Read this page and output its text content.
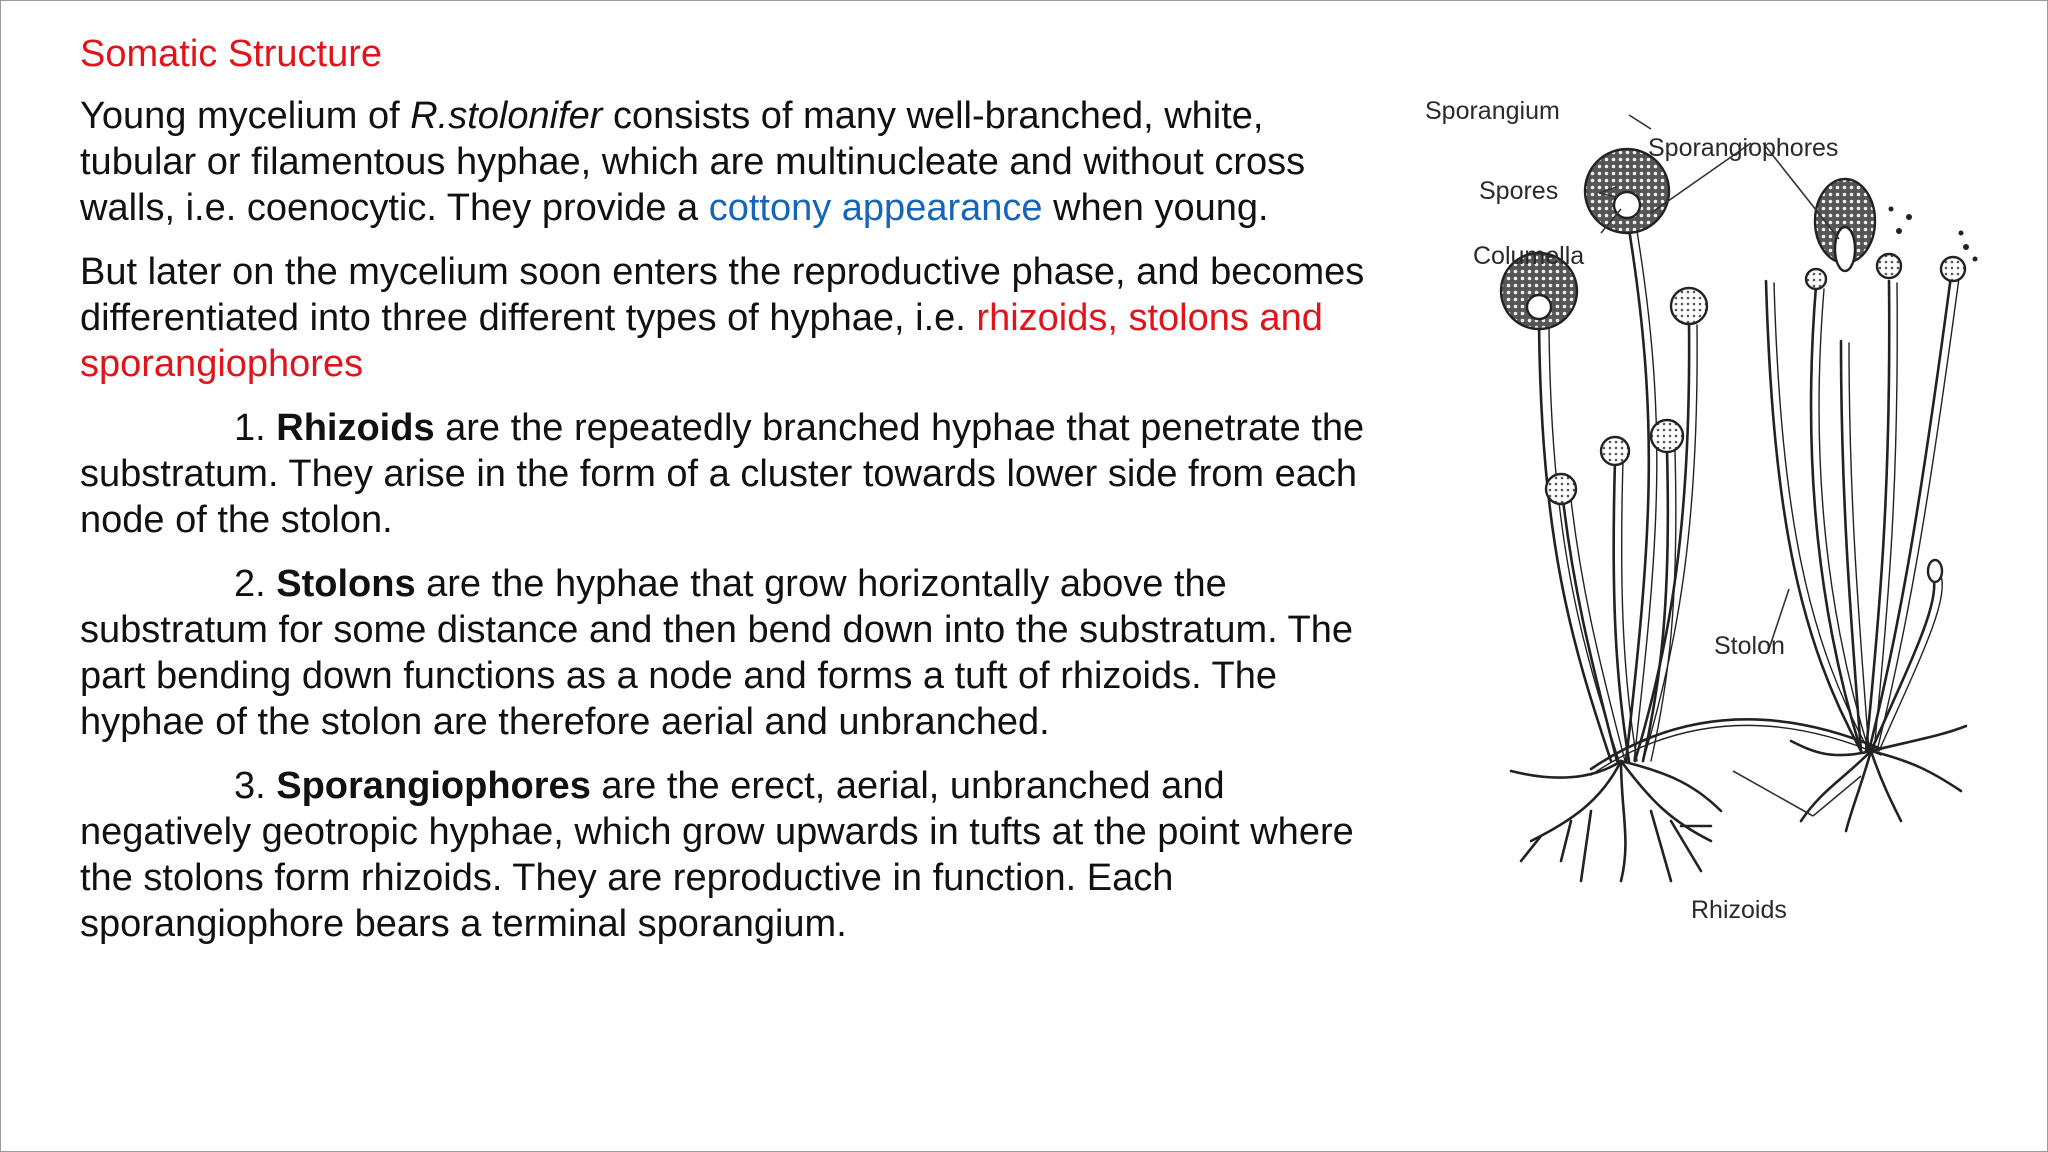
Somatic Structure

Young mycelium of R.stolonifer consists of many well-branched, white, tubular or filamentous hyphae, which are multinucleate and without cross walls, i.e. coenocytic. They provide a cottony appearance when young.

But later on the mycelium soon enters the reproductive phase, and becomes differentiated into three different types of hyphae, i.e. rhizoids, stolons and sporangiophores

1. Rhizoids are the repeatedly branched hyphae that penetrate the substratum. They arise in the form of a cluster towards lower side from each node of the stolon.

2. Stolons are the hyphae that grow horizontally above the substratum for some distance and then bend down into the substratum. The part bending down functions as a node and forms a tuft of rhizoids. The hyphae of the stolon are therefore aerial and unbranched.

3. Sporangiophores are the erect, aerial, unbranched and negatively geotropic hyphae, which grow upwards in tufts at the point where the stolons form rhizoids. They are reproductive in function. Each sporangiophore bears a terminal sporangium.

Sporangium
Spores
Columella
Sporangiophores
Stolon
Rhizoids
